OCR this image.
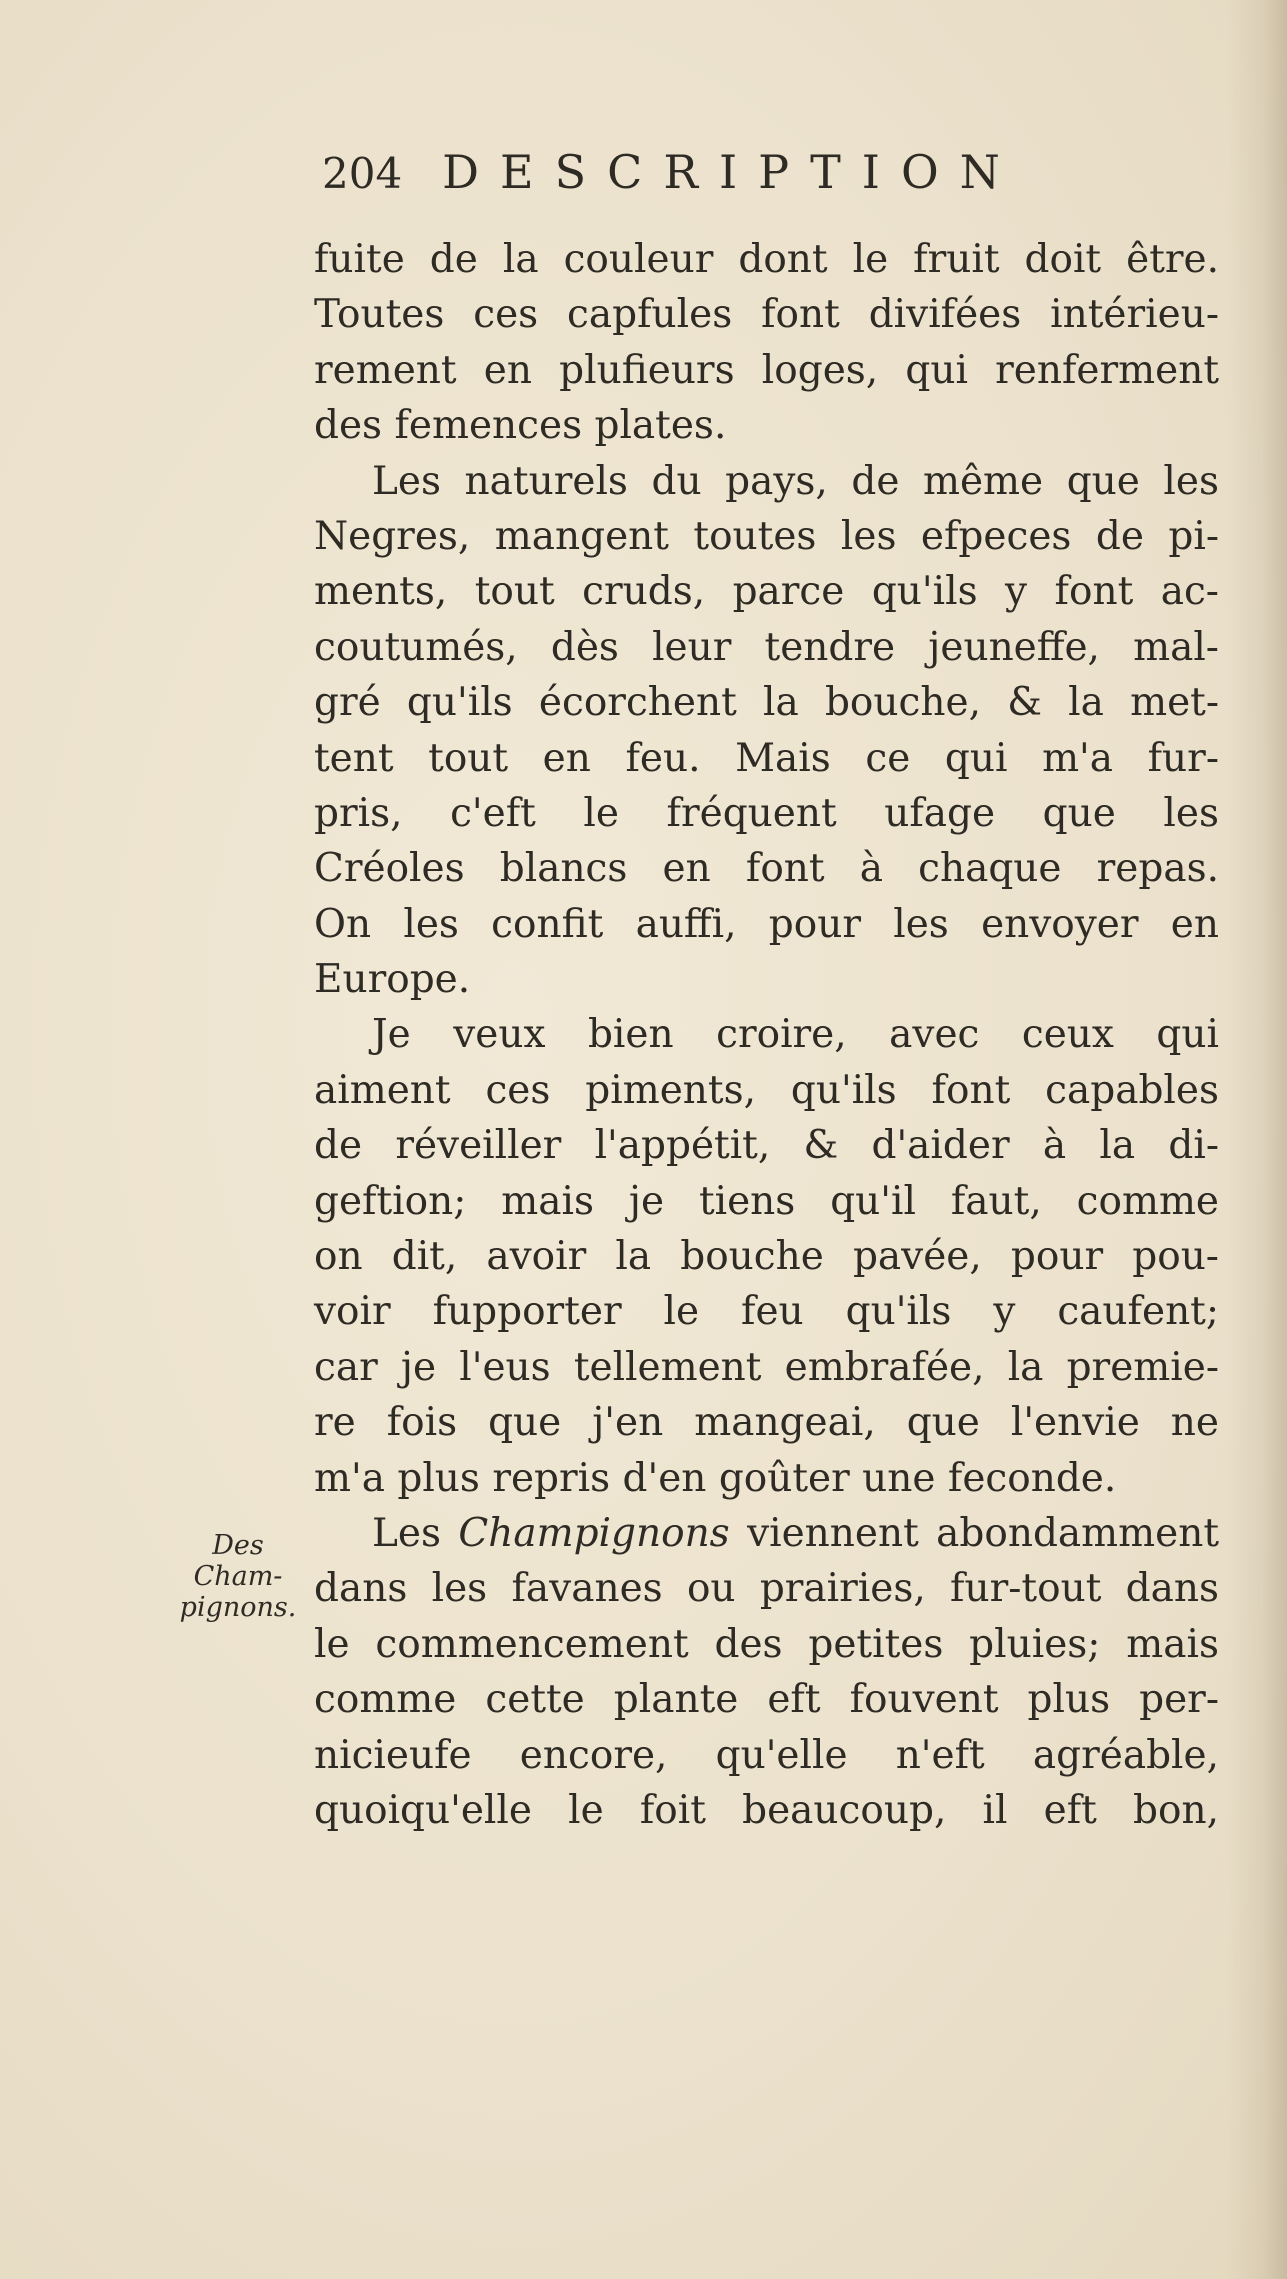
204 DESCRIPTION
Des
Cham-
pignons.
fuite de la couleur dont le fruit doit être.
Toutes ces capfules font divifées intérieu-
rement en plufieurs loges, qui renferment
des femences plates.
Les naturels du pays, de même que les
Negres, mangent toutes les efpeces de pi-
ments, tout cruds, parce qu'ils y font ac-
coutumés, dès leur tendre jeuneffe, mal-
gré qu'ils écorchent la bouche, & la met-
tent tout en feu. Mais ce qui m'a fur-
pris, c'eft le fréquent ufage que les
Créoles blancs en font à chaque repas.
On les confit auffi, pour les envoyer en
Europe.
Je veux bien croire, avec ceux qui
aiment ces piments, qu'ils font capables
de réveiller l'appétit, & d'aider à la di-
geftion; mais je tiens qu'il faut, comme
on dit, avoir la bouche pavée, pour pou-
voir fupporter le feu qu'ils y caufent;
car je l'eus tellement embrafée, la premie-
re fois que j'en mangeai, que l'envie ne
m'a plus repris d'en goûter une feconde.
Les Champignons viennent abondamment
dans les favanes ou prairies, fur-tout dans
le commencement des petites pluies; mais
comme cette plante eft fouvent plus per-
nicieufe encore, qu'elle n'eft agréable,
quoiqu'elle le foit beaucoup, il eft bon,
